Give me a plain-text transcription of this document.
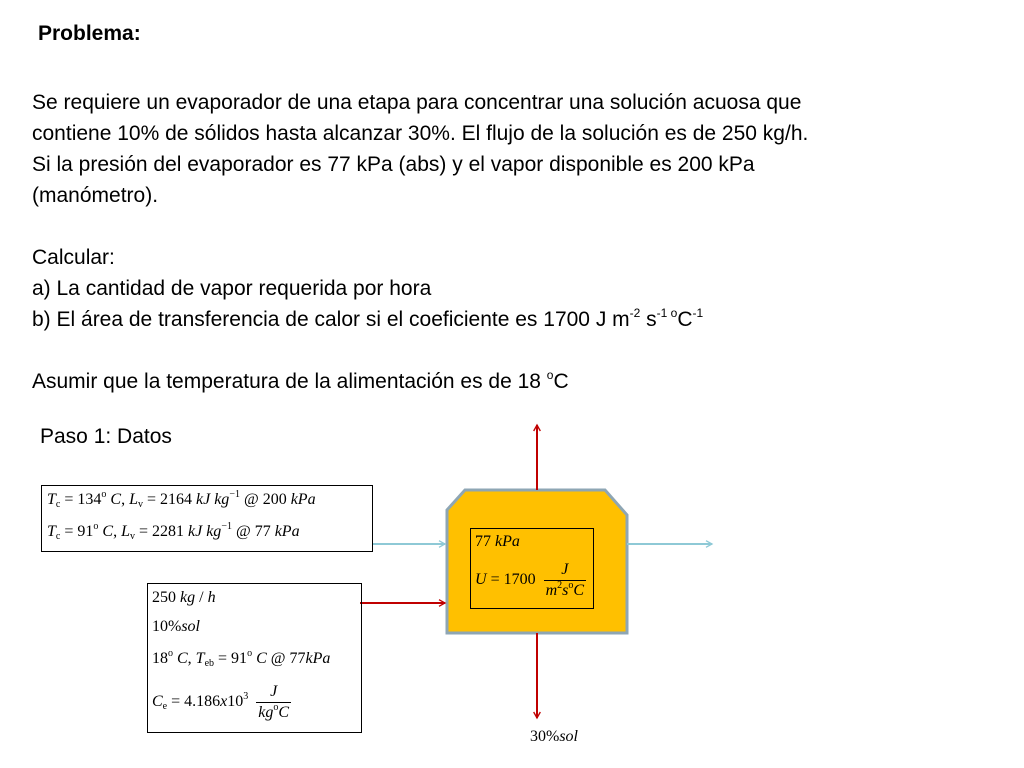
Problema:
Se requiere un evaporador de una etapa para concentrar una solución acuosa que
contiene 10% de sólidos hasta alcanzar 30%. El flujo de la solución es de 250 kg/h.
Si la presión del evaporador es 77 kPa (abs) y el vapor disponible es 200 kPa
(manómetro).

Calcular:
a) La cantidad de vapor requerida por hora
b) El área de transferencia de calor si el coeficiente es 1700 J $m^{-2}$ $s^{-1}$ $^oC^{-1}$

Asumir que la temperatura de la alimentación es de 18 $^o$C
Paso 1: Datos
$T_c = 134^o$ C, $L_v = 2164$ kJ $kg^{-1}$ @ 200 kPa
$T_c = 91^o$ C, $L_v = 2281$ kJ $kg^{-1}$ @ 77 kPa
250 kg / h
10%sol
18$^o$ C, $T_{eb} = 91^o$ C @ 77kPa
$C_e = 4.186x10^3 \frac{J}{kg^oC}$
77 kPa
$U = 1700 \frac{J}{m^2s^oC}$
30%sol
